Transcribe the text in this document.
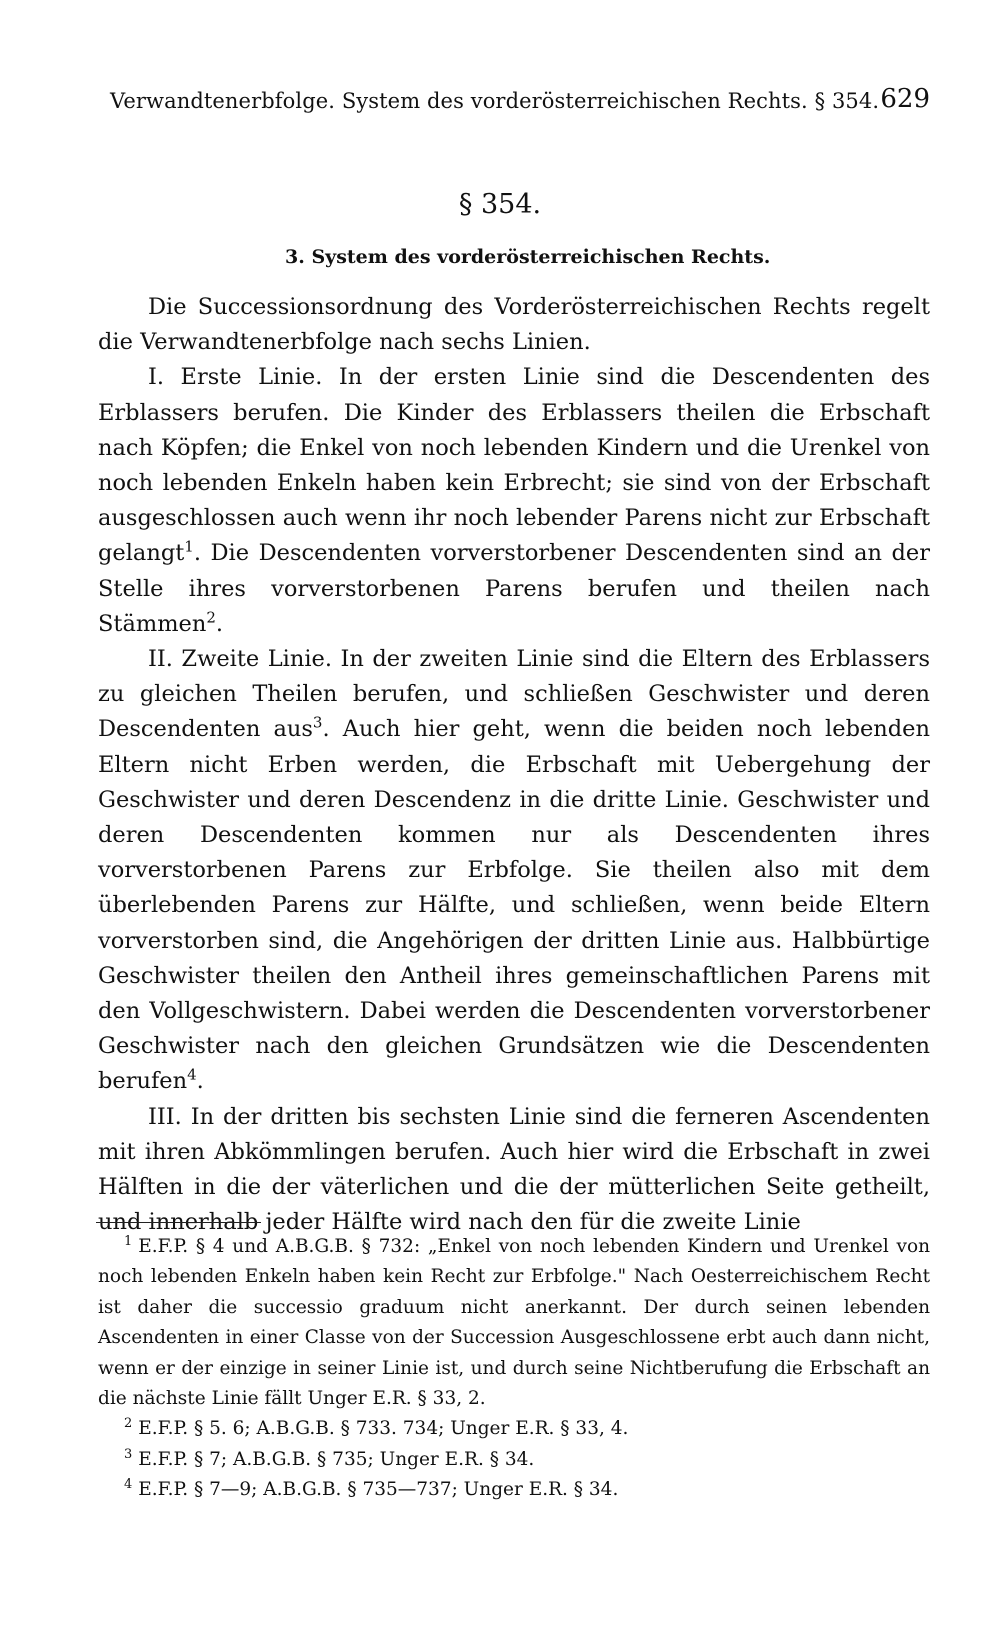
Verwandtenerbfolge. System des vorderösterreichischen Rechts. § 354. 629
§ 354.
3. System des vorderösterreichischen Rechts.

Die Successionsordnung des Vorderösterreichischen Rechts regelt die Verwandtenerbfolge nach sechs Linien.

I. Erste Linie. In der ersten Linie sind die Descendenten des Erblassers berufen. Die Kinder des Erblassers theilen die Erbschaft nach Köpfen; die Enkel von noch lebenden Kindern und die Urenkel von noch lebenden Enkeln haben kein Erbrecht; sie sind von der Erbschaft ausgeschlossen auch wenn ihr noch lebender Parens nicht zur Erbschaft gelangt$^1$. Die Descendenten vorverstorbener Descendenten sind an der Stelle ihres vorverstorbenen Parens berufen und theilen nach Stämmen$^2$.

II. Zweite Linie. In der zweiten Linie sind die Eltern des Erblassers zu gleichen Theilen berufen, und schließen Geschwister und deren Descendenten aus$^3$. Auch hier geht, wenn die beiden noch lebenden Eltern nicht Erben werden, die Erbschaft mit Uebergehung der Geschwister und deren Descendenz in die dritte Linie. Geschwister und deren Descendenten kommen nur als Descendenten ihres vorverstorbenen Parens zur Erbfolge. Sie theilen also mit dem überlebenden Parens zur Hälfte, und schließen, wenn beide Eltern vorverstorben sind, die Angehörigen der dritten Linie aus. Halbbürtige Geschwister theilen den Antheil ihres gemeinschaftlichen Parens mit den Vollgeschwistern. Dabei werden die Descendenten vorverstorbener Geschwister nach den gleichen Grundsätzen wie die Descendenten berufen$^4$.

III. In der dritten bis sechsten Linie sind die ferneren Ascendenten mit ihren Abkömmlingen berufen. Auch hier wird die Erbschaft in zwei Hälften in die der väterlichen und die der mütterlichen Seite getheilt, und innerhalb jeder Hälfte wird nach den für die zweite Linie

$^1$ E.F.P. § 4 und A.B.G.B. § 732: „Enkel von noch lebenden Kindern und Urenkel von noch lebenden Enkeln haben kein Recht zur Erbfolge." Nach Oesterreichischem Recht ist daher die successio graduum nicht anerkannt. Der durch seinen lebenden Ascendenten in einer Classe von der Succession Ausgeschlossene erbt auch dann nicht, wenn er der einzige in seiner Linie ist, und durch seine Nichtberufung die Erbschaft an die nächste Linie fällt Unger E.R. § 33, 2.

$^2$ E.F.P. § 5. 6; A.B.G.B. § 733. 734; Unger E.R. § 33, 4.

$^3$ E.F.P. § 7; A.B.G.B. § 735; Unger E.R. § 34.

$^4$ E.F.P. § 7—9; A.B.G.B. § 735—737; Unger E.R. § 34.
